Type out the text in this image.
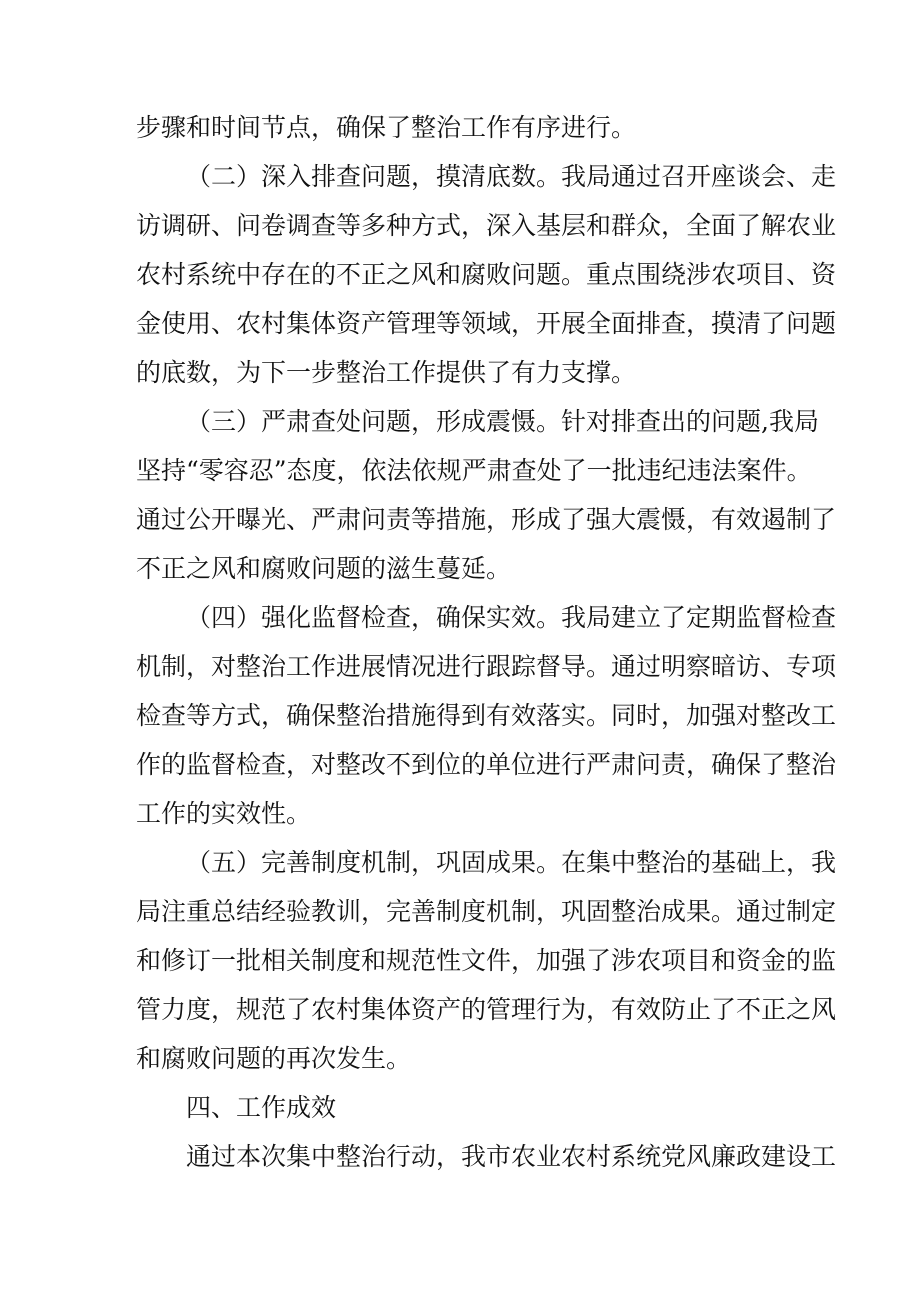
步骤和时间节点，确保了整治工作有序进行。
（二）深入排查问题，摸清底数。我局通过召开座谈会、走
访调研、问卷调查等多种方式，深入基层和群众，全面了解农业
农村系统中存在的不正之风和腐败问题。重点围绕涉农项目、资
金使用、农村集体资产管理等领域，开展全面排查，摸清了问题
的底数，为下一步整治工作提供了有力支撑。
（三）严肃查处问题，形成震慑。针对排查出的问题,我局
坚持“零容忍”态度，依法依规严肃查处了一批违纪违法案件。
通过公开曝光、严肃问责等措施，形成了强大震慑，有效遏制了
不正之风和腐败问题的滋生蔓延。
（四）强化监督检查，确保实效。我局建立了定期监督检查
机制，对整治工作进展情况进行跟踪督导。通过明察暗访、专项
检查等方式，确保整治措施得到有效落实。同时，加强对整改工
作的监督检查，对整改不到位的单位进行严肃问责，确保了整治
工作的实效性。
（五）完善制度机制，巩固成果。在集中整治的基础上，我
局注重总结经验教训，完善制度机制，巩固整治成果。通过制定
和修订一批相关制度和规范性文件，加强了涉农项目和资金的监
管力度，规范了农村集体资产的管理行为，有效防止了不正之风
和腐败问题的再次发生。
四、工作成效
通过本次集中整治行动，我市农业农村系统党风廉政建设工
